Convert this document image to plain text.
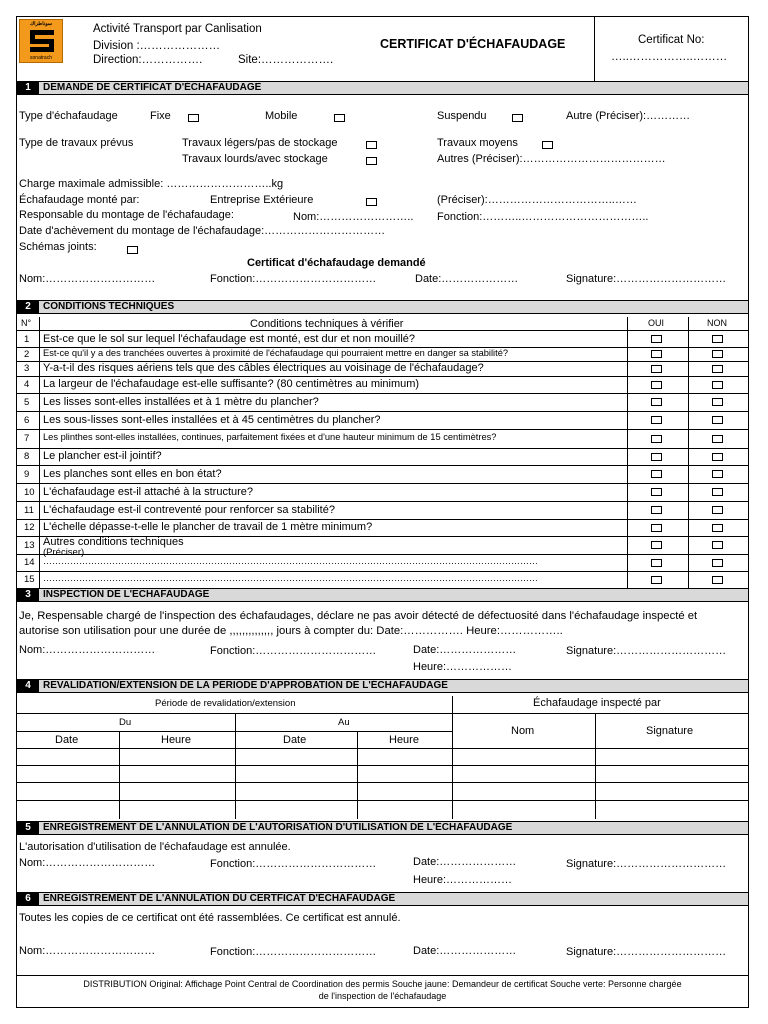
سوناطراك
sonatrach
Activité Transport par Canlisation
Division :…………………
Direction:…………….	Site:……………….
CERTIFICAT D'ÉCHAFAUDAGE	Certificat No:
…..……………..………
1	DEMANDE DE CERTIFICAT D'ÉCHAFAUDAGE
Type d'échafaudage	Fixe	Mobile	Suspendu	Autre (Préciser):…………
Type de travaux prévus	Travaux légers/pas de stockage	Travaux moyens
Travaux lourds/avec stockage	Autres (Préciser):…………………………………
Charge maximale admissible: ………………………..kg
Échafaudage monté par:	Entreprise Extérieure	(Préciser):……………………………..……
Responsable du montage de l'échafaudage:	Nom:…………………….. Fonction:………..……………………………..
Date d'achèvement du montage de l'échafaudage:……………………………
Schémas joints:
Certificat d'échafaudage demandé
Nom:…………………………	Fonction:……………………………	Date:…………………	Signature:…………………………
2	CONDITIONS TECHNIQUES
N°	Conditions techniques à vérifier	OUI	NON
1 Est-ce que le sol sur lequel l'échafaudage est monté, est dur et non mouillé?
2 Est-ce qu'il y a des tranchées ouvertes à proximité de l'échafaudage qui pourraient mettre en danger sa stabilité?
3 Y-a-t-il des risques aériens tels que des câbles électriques au voisinage de l'échafaudage?
4 La largeur de l'échafaudage est-elle suffisante? (80 centimètres au minimum)
5 Les lisses sont-elles installées et à 1 mètre du plancher?
6 Les sous-lisses sont-elles installées et à 45 centimètres du plancher?
7 Les plinthes sont-elles installées, continues, parfaitement fixées et d'une hauteur minimum de 15 centimètres?
8 Le plancher est-il jointif?
9 Les planches sont elles en bon état?
10 L'échafaudage est-il attaché à la structure?
11 L'échafaudage est-il contreventé pour renforcer sa stabilité?
12 L'échelle dépasse-t-elle le plancher de travail de 1 mètre minimum?
13 Autres conditions techniques
(Préciser)
14 …………………………………………………………………………………………………………………………………………………
15 …………………………………………………………………………………………………………………………………………………
3	INSPECTION DE L'ECHAFAUDAGE
Je, Respensable chargé de l'inspection des échafaudages, déclare ne pas avoir détecté de défectuosité dans l'échafaudage inspecté et
autorise son utilisation pour une durée de ,,,,,,,,,,,,,, jours à compter du: Date:……………. Heure:……………..
Nom:…………………………	Fonction:……………………………	Date:…………………	Signature:…………………………
Heure:………………
4	REVALIDATION/EXTENSION DE LA PÉRIODE D'APPROBATION DE L'ÉCHAFAUDAGE
Période de revalidation/extension	Échafaudage inspecté par
Du	Au
Date	Heure	Date	Heure
Nom	Signature
5	ENREGISTREMENT DE L'ANNULATION DE L'AUTORISATION D'UTILISATION DE L'ÉCHAFAUDAGE
L'autorisation d'utilisation de l'échafaudage est annulée.
Nom:…………………………	Fonction:……………………………	Date:…………………	Signature:…………………………
Heure:………………
6	ENREGISTREMENT DE L'ANNULATION DU CERTFICAT D'ÉCHAFAUDAGE
Toutes les copies de ce certificat ont été rassemblées. Ce certificat est annulé.
Nom:…………………………	Fonction:……………………………	Date:…………………	Signature:…………………………
DISTRIBUTION Original: Affichage Point Central de Coordination des permis Souche jaune: Demandeur de certificat Souche verte: Personne chargée
de l'inspection de l'échafaudage
